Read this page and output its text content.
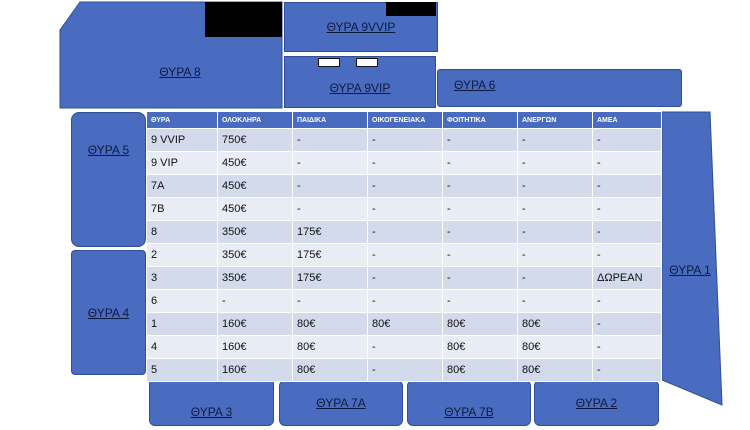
ΘΥΡΑ 8
ΘΥΡΑ 9VVIP
ΘΥΡΑ 9VIP	ΘΥΡΑ 6
ΘΥΡΑ 5
ΘΥΡΑ 4
ΘΥΡΑ 1
ΘΥΡΑ 3
ΘΥΡΑ 7Α
ΘΥΡΑ 7Β
ΘΥΡΑ 2
ΘΥΡΑ	ΟΛΟΚΛΗΡΑ	ΠΑΙΔΙΚΑ	ΟΙΚΟΓΕΝΕΙΑΚΑ	ΦΟΙΤΗΤΙΚΑ	ΑΝΕΡΓΩΝ	ΑΜΕΑ
9 VVIP	750€	-	-	-	-	-
9 VIP	450€	-	-	-	-	-
7Α	450€	-	-	-	-	-
7Β	450€	-	-	-	-	-
8	350€	175€	-	-	-	-
2	350€	175€	-	-	-	-
3	350€	175€	-	-	-	ΔΩΡΕΑΝ
6	-	-	-	-	-	-
1	160€	80€	80€	80€	80€	-
4	160€	80€	-	80€	80€	-
5	160€	80€	-	80€	80€	-
